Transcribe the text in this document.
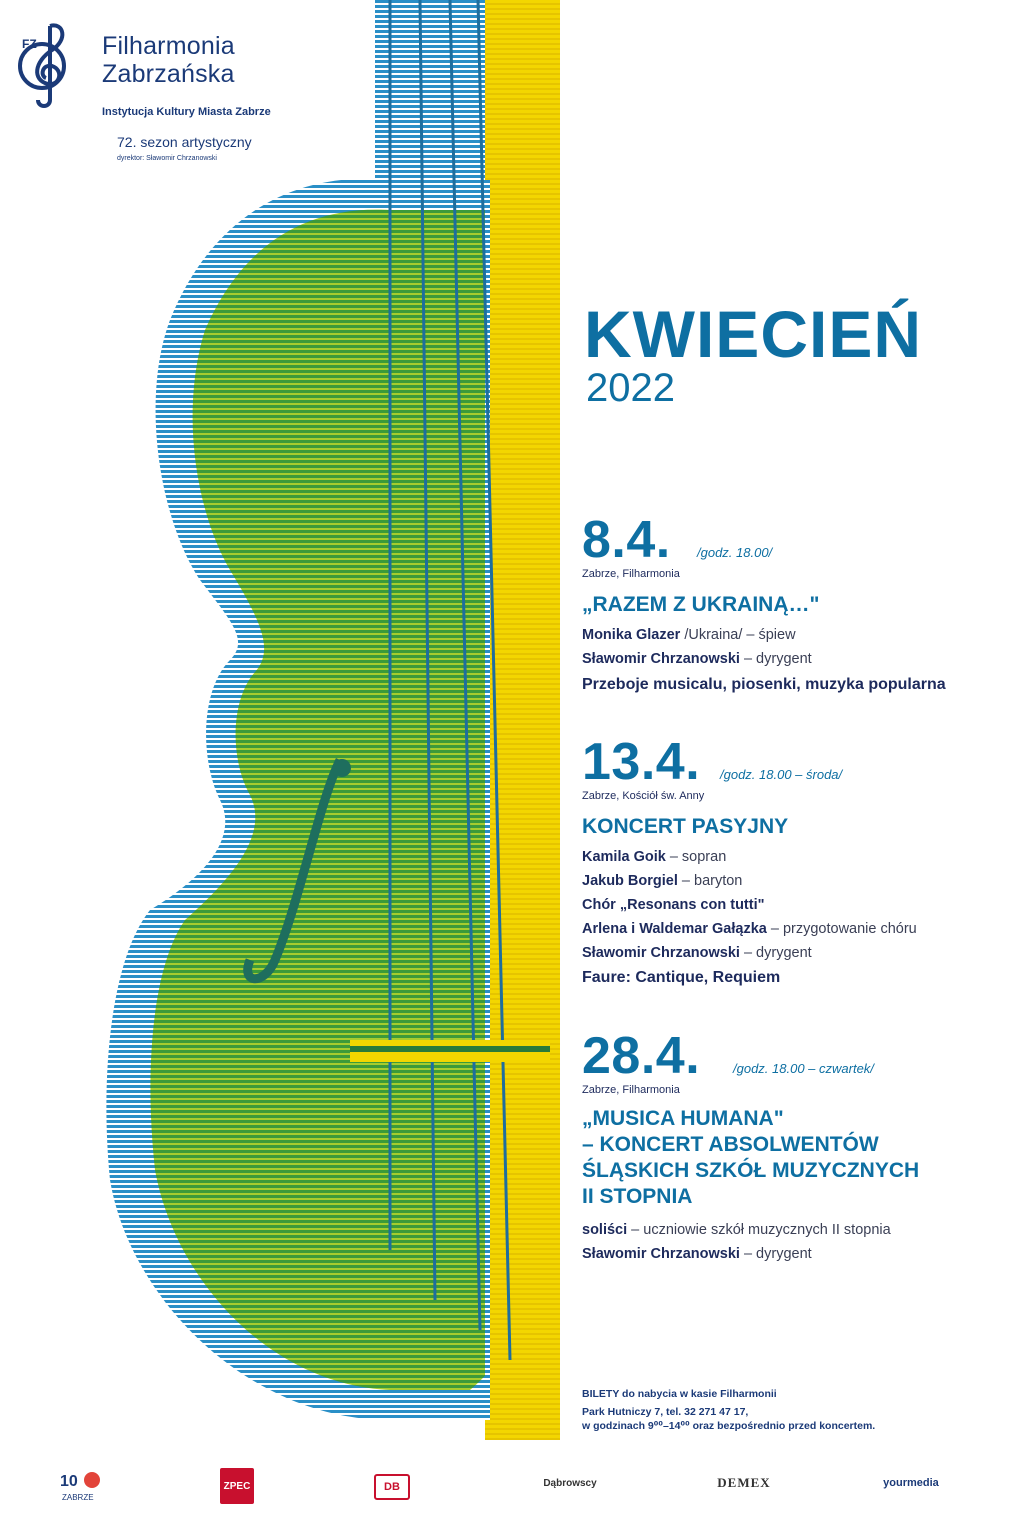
FZ	Filharmonia
Zabrzańska
Instytucja Kultury Miasta Zabrze
72. sezon artystyczny
dyrektor: Sławomir Chrzanowski
KWIECIEŃ
2022
8.4. /godz. 18.00/
Zabrze, Filharmonia
„RAZEM Z UKRAINĄ…"
Monika Glazer /Ukraina/ – śpiew
Sławomir Chrzanowski – dyrygent
Przeboje musicalu, piosenki, muzyka popularna
13.4. /godz. 18.00 – środa/
Zabrze, Kościół św. Anny
KONCERT PASYJNY
Kamila Goik – sopran
Jakub Borgiel – baryton
Chór „Resonans con tutti"
Arlena i Waldemar Gałązka – przygotowanie chóru
Sławomir Chrzanowski – dyrygent
Faure: Cantique, Requiem
28.4.	/godz. 18.00 – czwartek/
Zabrze, Filharmonia
„MUSICA HUMANA"
– KONCERT ABSOLWENTÓW
ŚLĄSKICH SZKÓŁ MUZYCZNYCH
II STOPNIA
soliści – uczniowie szkół muzycznych II stopnia
Sławomir Chrzanowski – dyrygent
BILETY do nabycia w kasie Filharmonii
Park Hutniczy 7, tel. 32 271 47 17,
w godzinach 9⁰⁰–14⁰⁰ oraz bezpośrednio przed koncertem.
10
ZABRZE
ZPEC	DB	Dąbrowscy	DEMEX	yourmedia
